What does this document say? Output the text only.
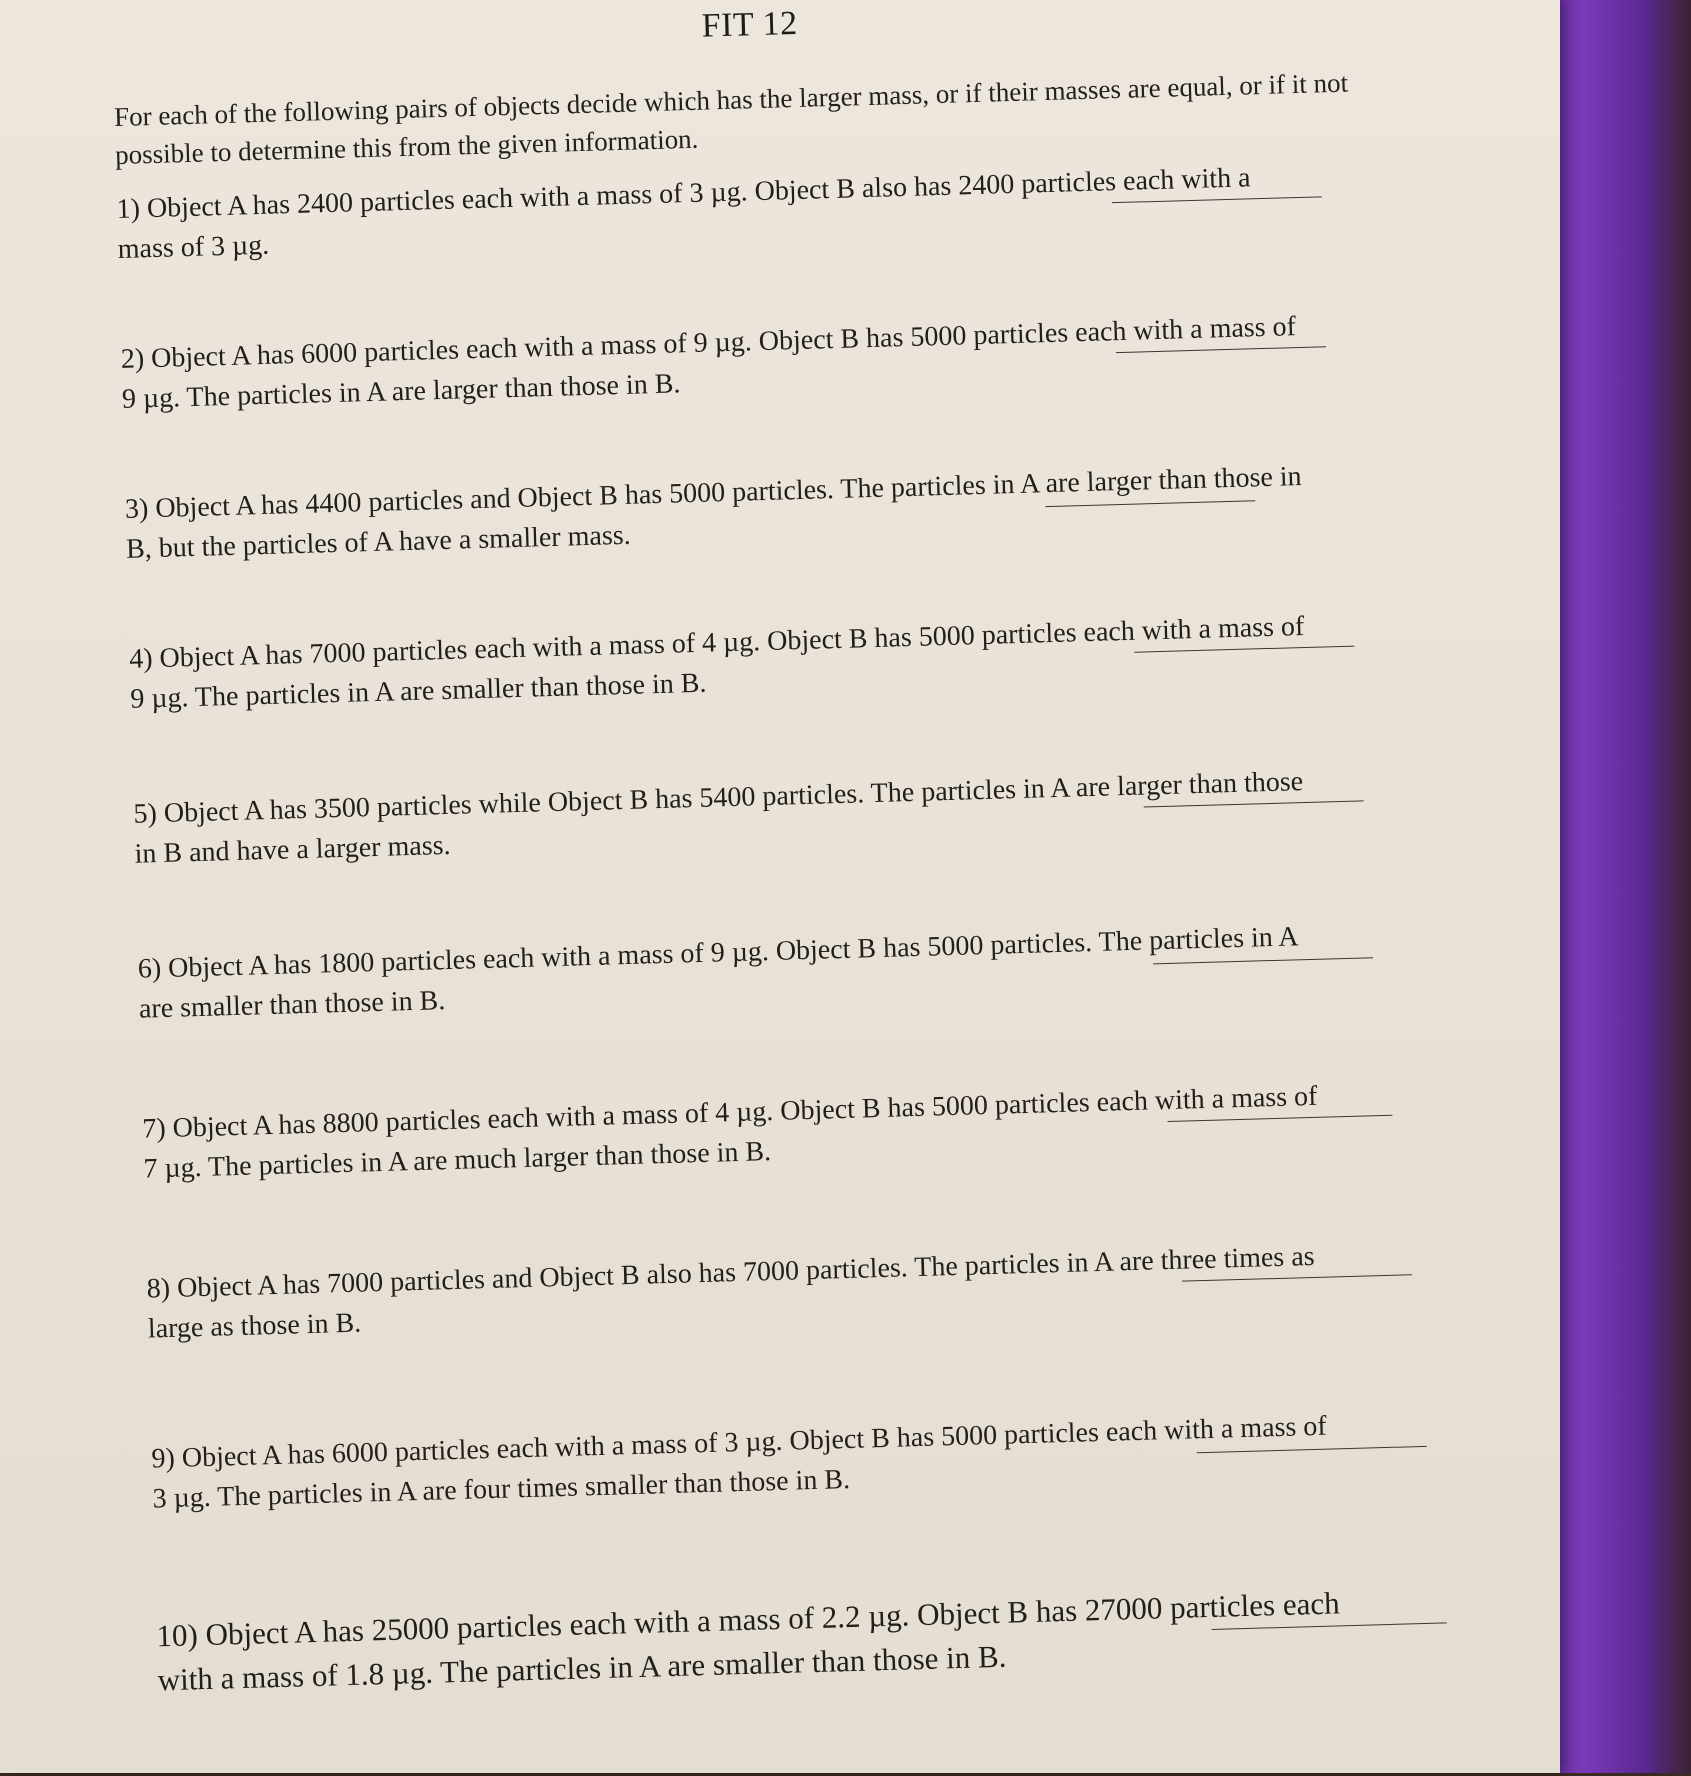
FIT 12
For each of the following pairs of objects decide which has the larger mass, or if their masses are equal, or if it not possible to determine this from the given information.

1) Object A has 2400 particles each with a mass of 3 µg. Object B also has 2400 particles each with a

mass of 3 µg.

2) Object A has 6000 particles each with a mass of 9 µg. Object B has 5000 particles each with a mass of

9 µg. The particles in A are larger than those in B.

3) Object A has 4400 particles and Object B has 5000 particles. The particles in A are larger than those in

B, but the particles of A have a smaller mass.

4) Object A has 7000 particles each with a mass of 4 µg. Object B has 5000 particles each with a mass of

9 µg. The particles in A are smaller than those in B.

5) Object A has 3500 particles while Object B has 5400 particles. The particles in A are larger than those

in B and have a larger mass.

6) Object A has 1800 particles each with a mass of 9 µg. Object B has 5000 particles. The particles in A

are smaller than those in B.

7) Object A has 8800 particles each with a mass of 4 µg. Object B has 5000 particles each with a mass of

7 µg. The particles in A are much larger than those in B.

8) Object A has 7000 particles and Object B also has 7000 particles. The particles in A are three times as

large as those in B.

9) Object A has 6000 particles each with a mass of 3 µg. Object B has 5000 particles each with a mass of

3 µg. The particles in A are four times smaller than those in B.

10) Object A has 25000 particles each with a mass of 2.2 µg. Object B has 27000 particles each

with a mass of 1.8 µg. The particles in A are smaller than those in B.
